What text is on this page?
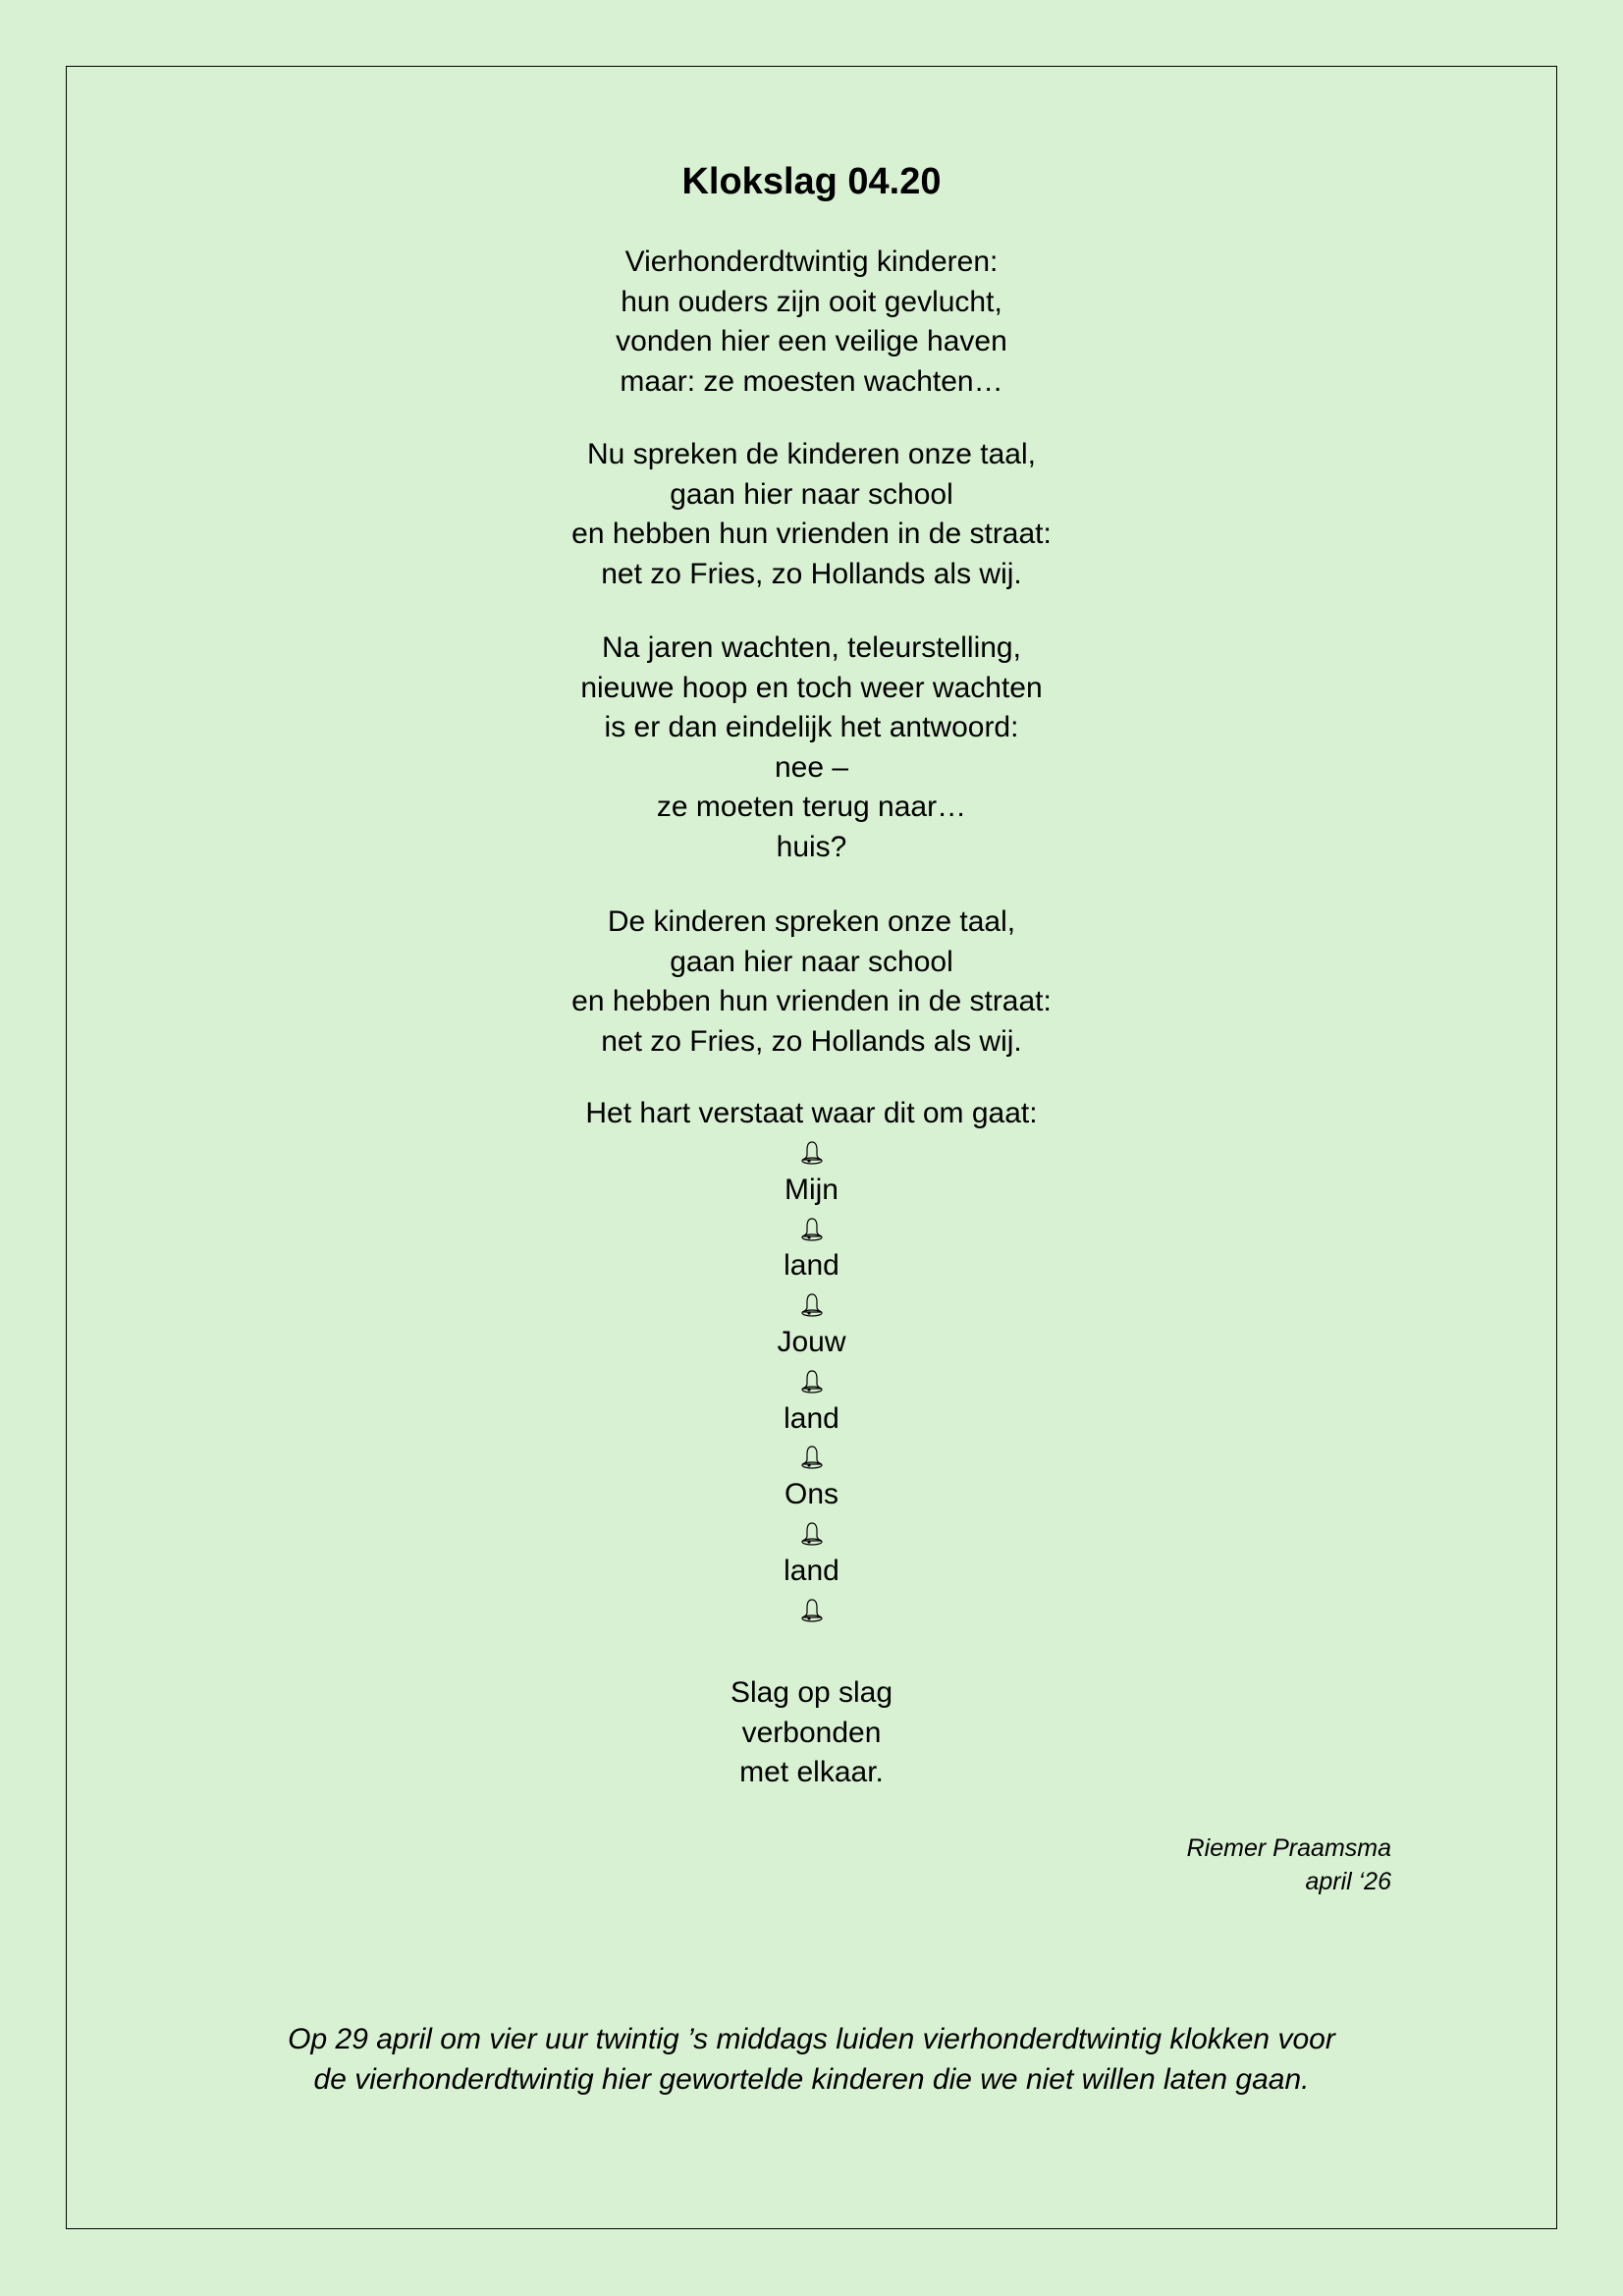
Klokslag 04.20
Vierhonderdtwintig kinderen:
hun ouders zijn ooit gevlucht,
vonden hier een veilige haven
maar: ze moesten wachten…
Nu spreken de kinderen onze taal,
gaan hier naar school
en hebben hun vrienden in de straat:
net zo Fries, zo Hollands als wij.
Na jaren wachten, teleurstelling,
nieuwe hoop en toch weer wachten
is er dan eindelijk het antwoord:
nee –
ze moeten terug naar…
huis?
De kinderen spreken onze taal,
gaan hier naar school
en hebben hun vrienden in de straat:
net zo Fries, zo Hollands als wij.
Het hart verstaat waar dit om gaat:
Mijn
land
Jouw
land
Ons
land
Slag op slag
verbonden
met elkaar.
Riemer Praamsma
april ‘26
Op 29 april om vier uur twintig ’s middags luiden vierhonderdtwintig klokken voor
de vierhonderdtwintig hier gewortelde kinderen die we niet willen laten gaan.
